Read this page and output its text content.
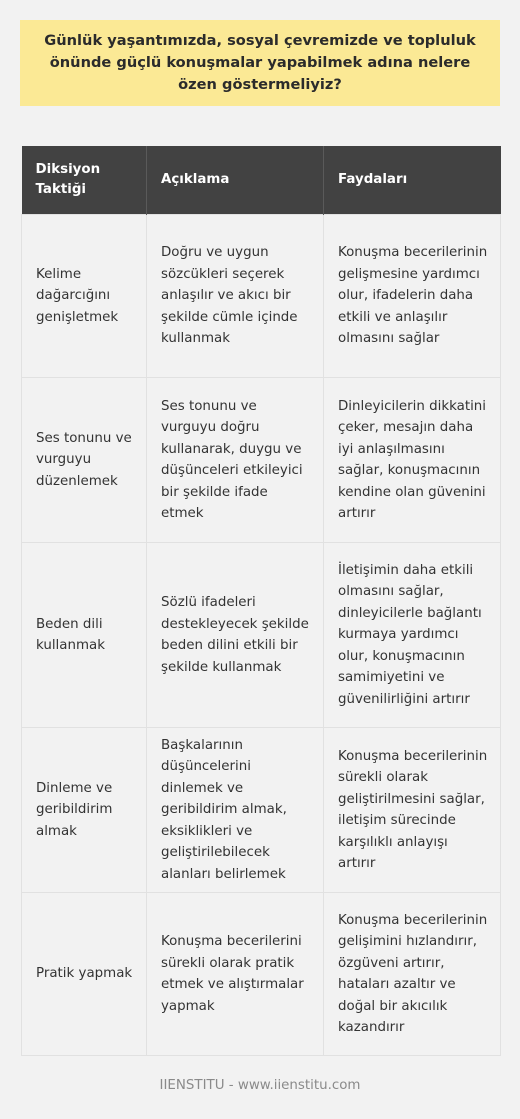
Günlük yaşantımızda, sosyal çevremizde ve topluluk önünde güçlü konuşmalar yapabilmek adına nelere özen göstermeliyiz?
Diksiyon Taktiği	Açıklama	Faydaları
Kelime dağarcığını genişletmek	Doğru ve uygun sözcükleri seçerek anlaşılır ve akıcı bir şekilde cümle içinde kullanmak	Konuşma becerilerinin gelişmesine yardımcı olur, ifadelerin daha etkili ve anlaşılır olmasını sağlar
Ses tonunu ve vurguyu düzenlemek	Ses tonunu ve vurguyu doğru kullanarak, duygu ve düşünceleri etkileyici bir şekilde ifade etmek	Dinleyicilerin dikkatini çeker, mesajın daha iyi anlaşılmasını sağlar, konuşmacının kendine olan güvenini artırır
Beden dili kullanmak	Sözlü ifadeleri destekleyecek şekilde beden dilini etkili bir şekilde kullanmak	İletişimin daha etkili olmasını sağlar, dinleyicilerle bağlantı kurmaya yardımcı olur, konuşmacının samimiyetini ve güvenilirliğini artırır
Dinleme ve geribildirim almak	Başkalarının düşüncelerini dinlemek ve geribildirim almak, eksiklikleri ve geliştirilebilecek alanları belirlemek	Konuşma becerilerinin sürekli olarak geliştirilmesini sağlar, iletişim sürecinde karşılıklı anlayışı artırır
Pratik yapmak	Konuşma becerilerini sürekli olarak pratik etmek ve alıştırmalar yapmak	Konuşma becerilerinin gelişimini hızlandırır, özgüveni artırır, hataları azaltır ve doğal bir akıcılık kazandırır
IIENSTITU - www.iienstitu.com
